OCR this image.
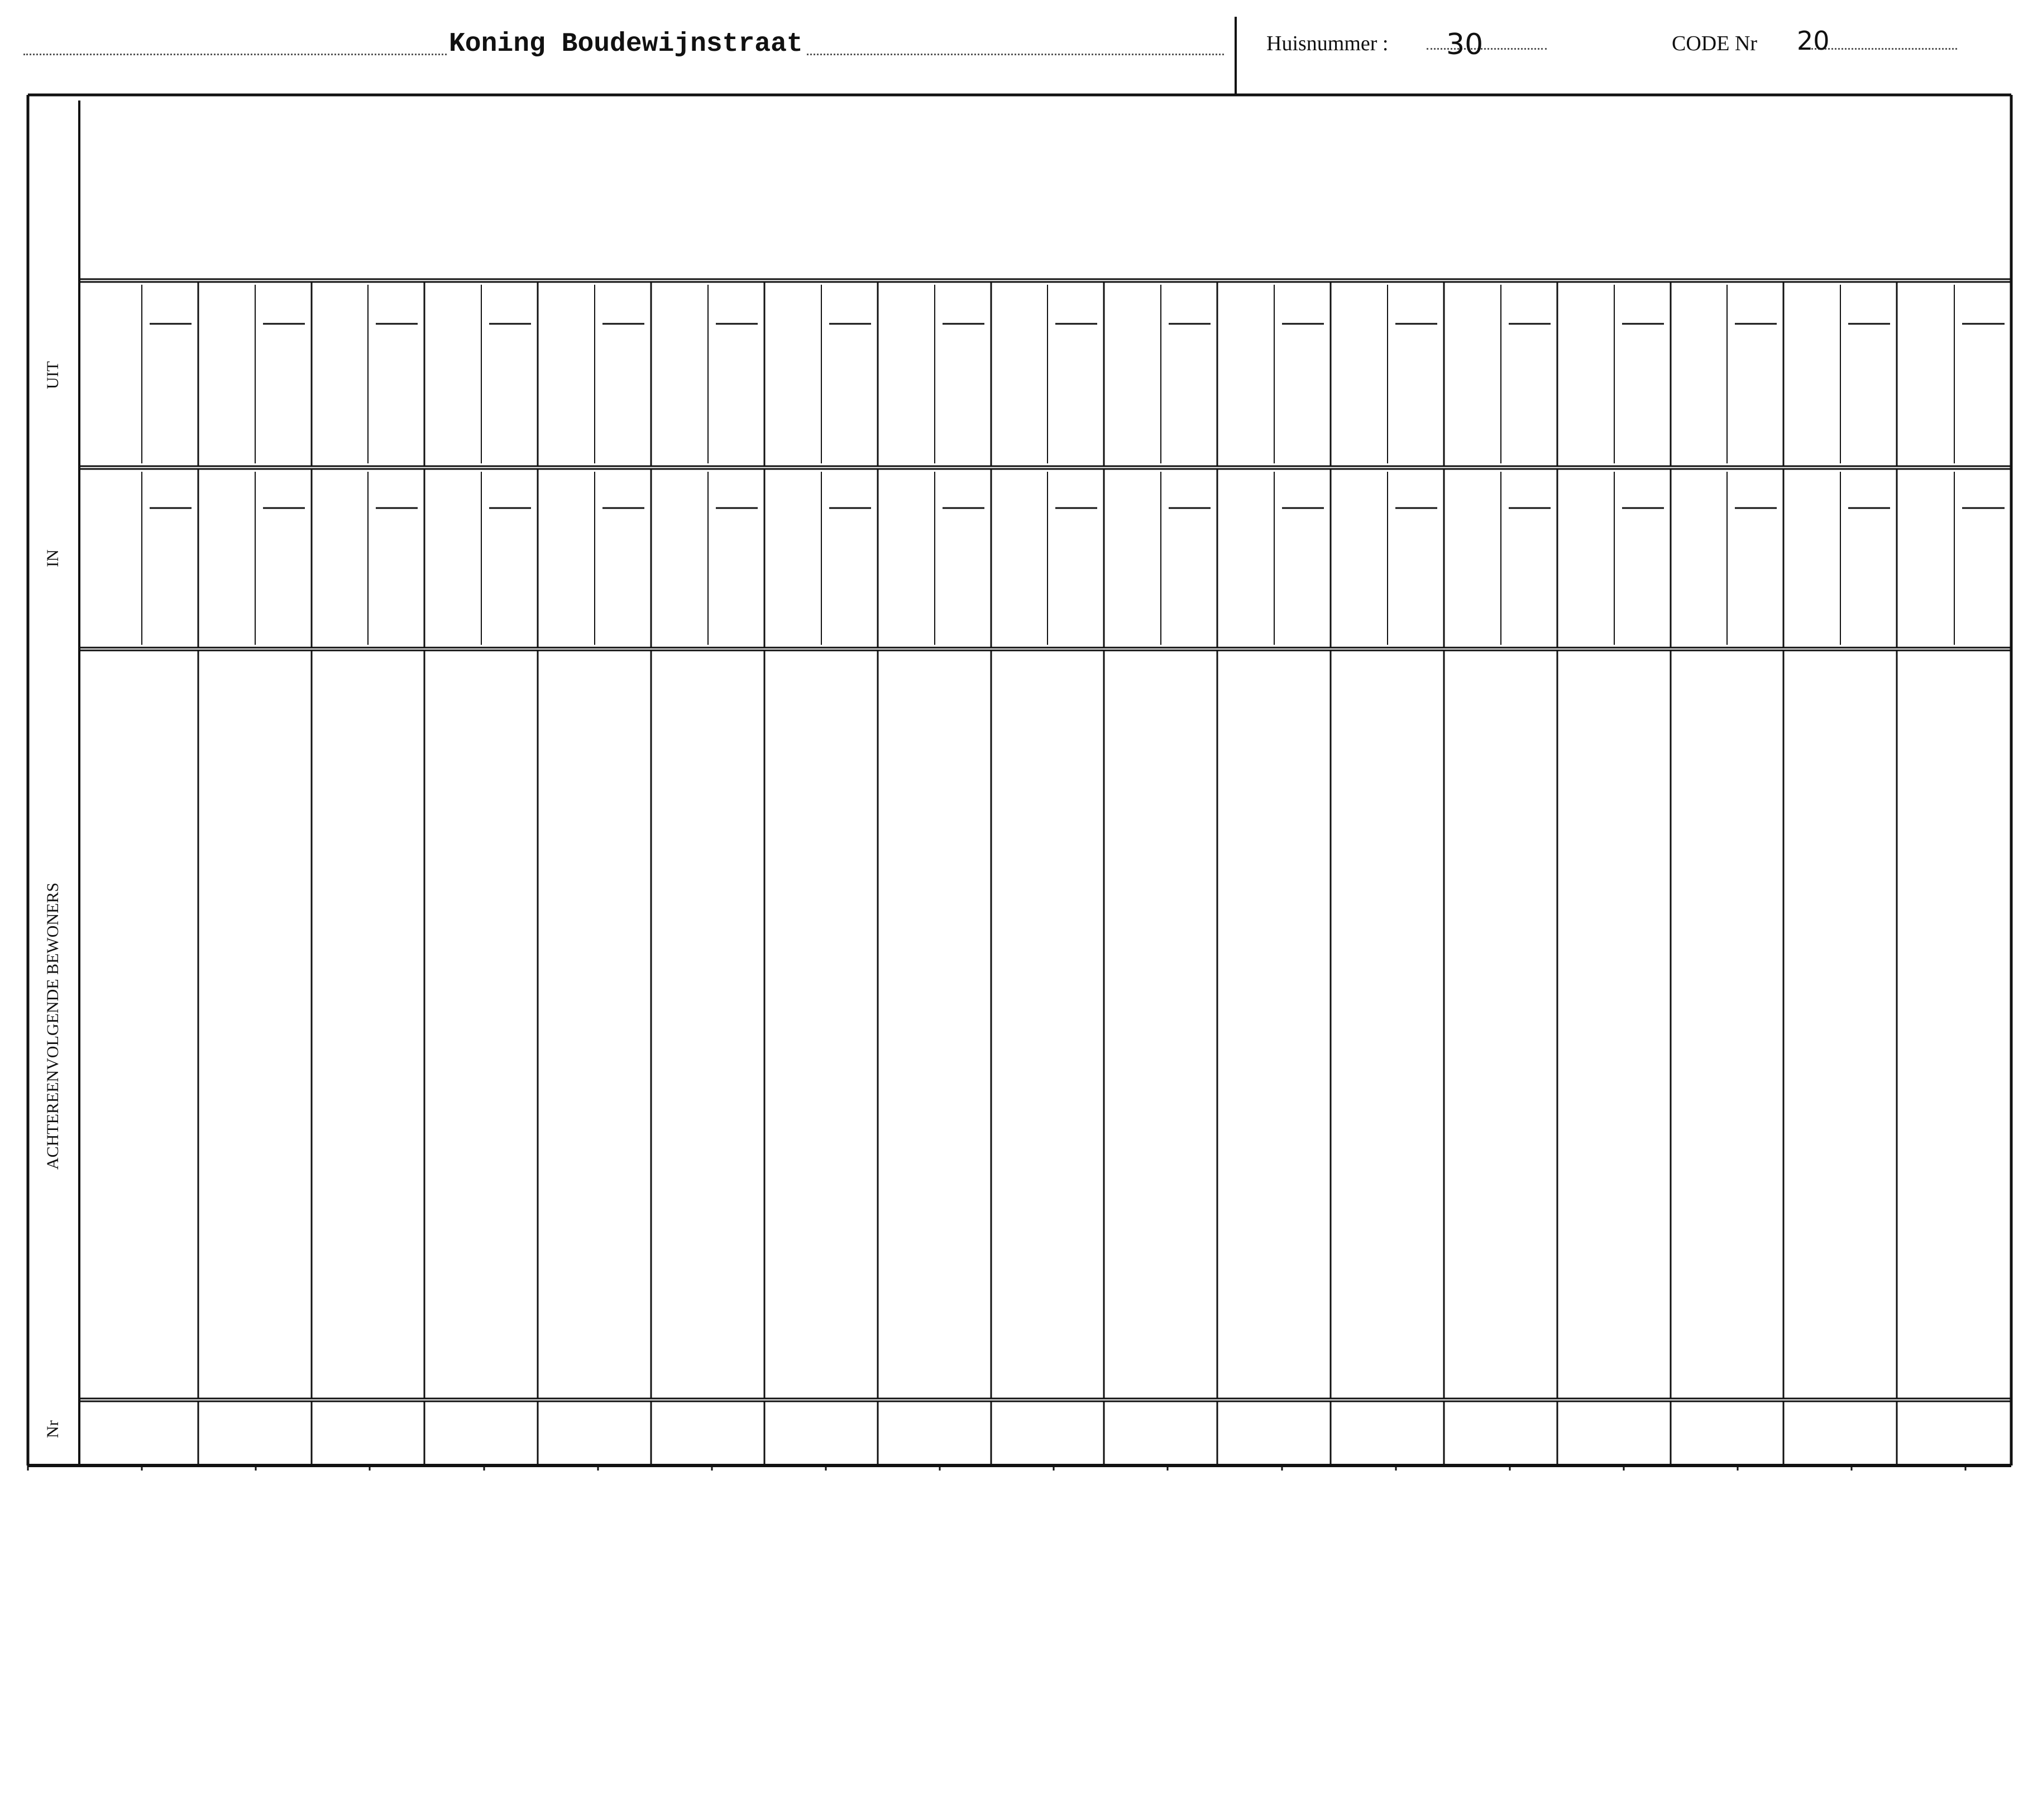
Koning Boudewijnstraat	Huisnummer : 30	CODE Nr 20
UIT
IN
ACHTEREENVOLGENDE BEWONERS
Nr
